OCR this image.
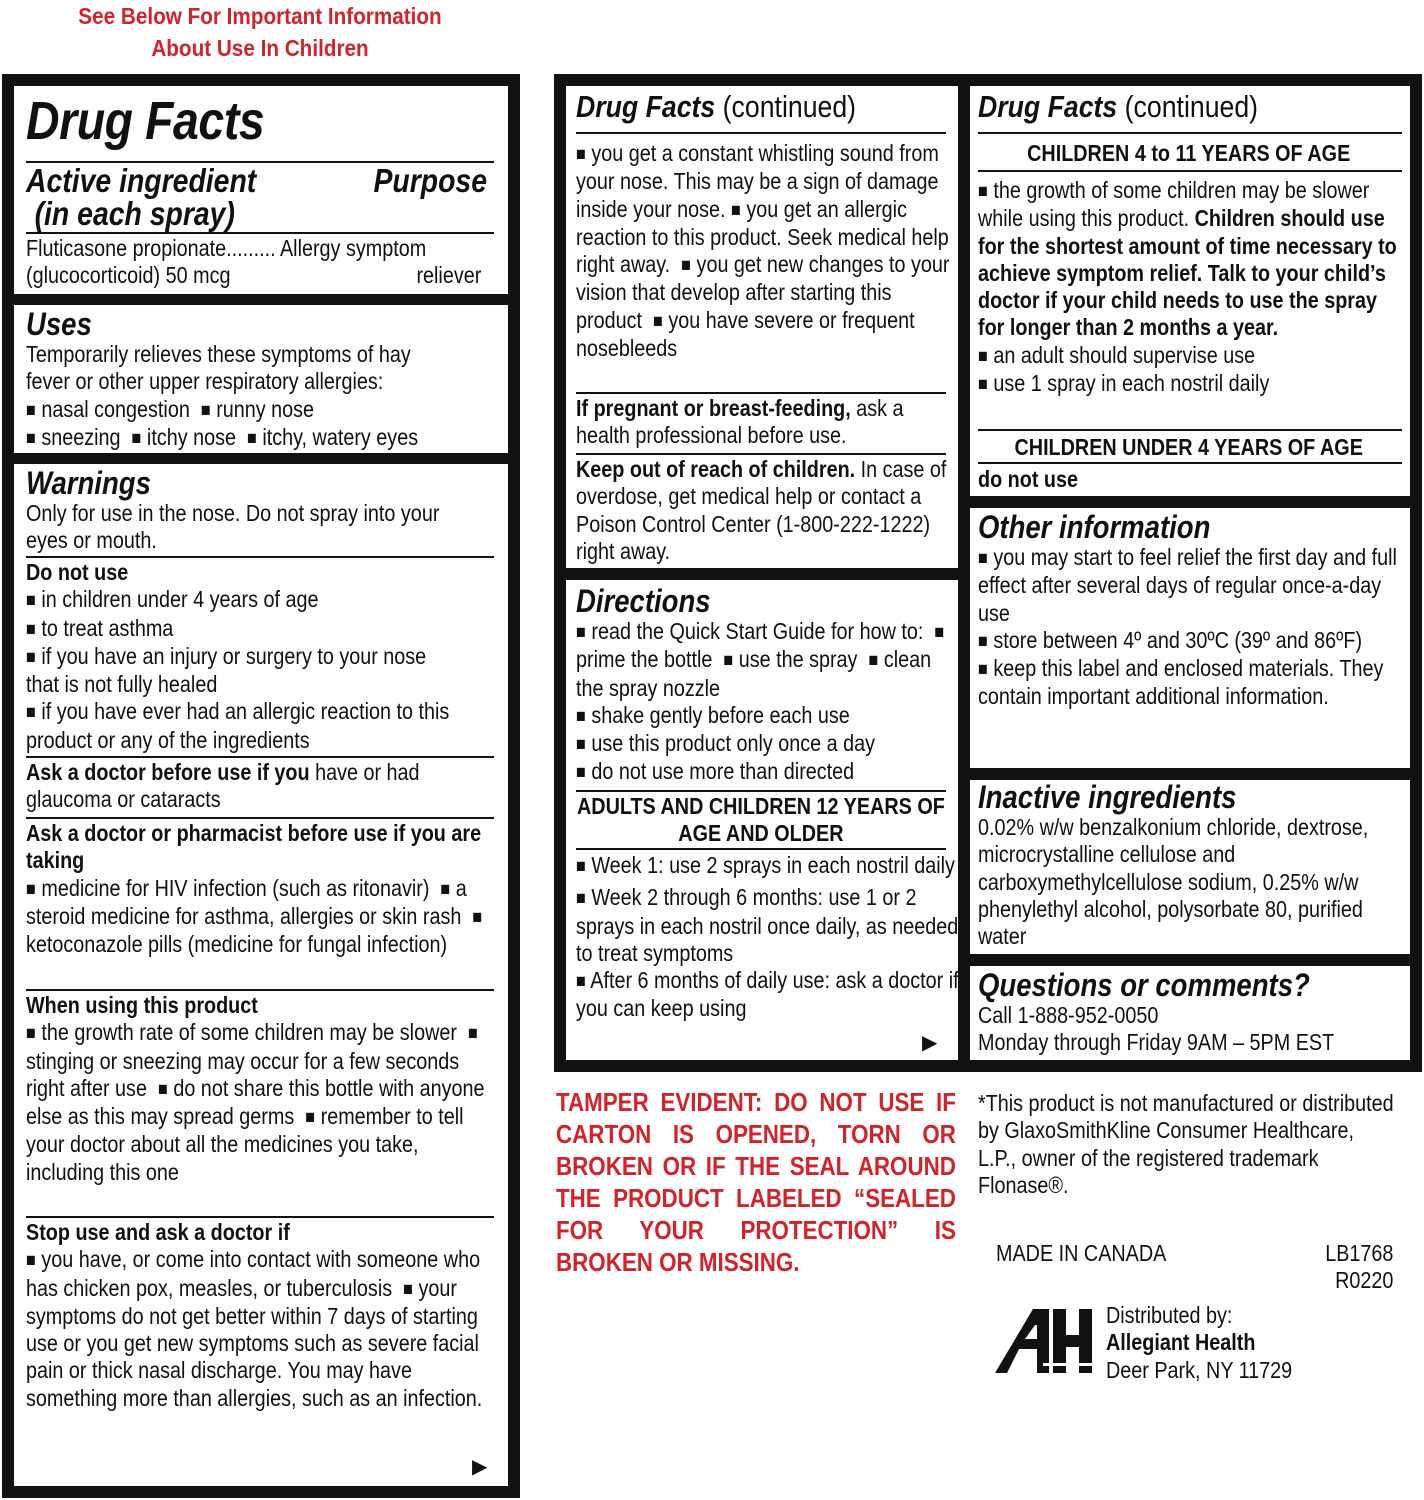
See Below For Important Information
About Use In Children
Drug Facts
Active ingredient	Purpose
(in each spray)
Fluticasone propionate......... Allergy symptom
(glucocorticoid) 50 mcg	reliever
Uses
Temporarily relieves these symptoms of hay fever or other upper respiratory allergies:
■ nasal congestion ■ runny nose
■ sneezing ■ itchy nose ■ itchy, watery eyes
Warnings
Only for use in the nose. Do not spray into your eyes or mouth.
Do not use
■ in children under 4 years of age
■ to treat asthma
■ if you have an injury or surgery to your nose that is not fully healed
■ if you have ever had an allergic reaction to this product or any of the ingredients
Ask a doctor before use if you have or had glaucoma or cataracts
Ask a doctor or pharmacist before use if you are taking
■ medicine for HIV infection (such as ritonavir) ■ a steroid medicine for asthma, allergies or skin rash ■ ketoconazole pills (medicine for fungal infection)
When using this product
■ the growth rate of some children may be slower ■ stinging or sneezing may occur for a few seconds right after use ■ do not share this bottle with anyone else as this may spread germs ■ remember to tell your doctor about all the medicines you take, including this one
Stop use and ask a doctor if
■ you have, or come into contact with someone who has chicken pox, measles, or tuberculosis ■ your symptoms do not get better within 7 days of starting use or you get new symptoms such as severe facial pain or thick nasal discharge. You may have something more than allergies, such as an infection.
▶
Drug Facts (continued)
■ you get a constant whistling sound from your nose. This may be a sign of damage inside your nose. ■ you get an allergic reaction to this product. Seek medical help right away. ■ you get new changes to your vision that develop after starting this product ■ you have severe or frequent nosebleeds
If pregnant or breast-feeding, ask a health professional before use.
Keep out of reach of children. In case of overdose, get medical help or contact a Poison Control Center (1-800-222-1222) right away.
Directions
■ read the Quick Start Guide for how to: ■ prime the bottle ■ use the spray ■ clean the spray nozzle
■ shake gently before each use
■ use this product only once a day
■ do not use more than directed
ADULTS AND CHILDREN 12 YEARS OF AGE AND OLDER
■ Week 1: use 2 sprays in each nostril daily
■ Week 2 through 6 months: use 1 or 2 sprays in each nostril once daily, as needed to treat symptoms
■ After 6 months of daily use: ask a doctor if you can keep using
▶
Drug Facts (continued)
CHILDREN 4 to 11 YEARS OF AGE
■ the growth of some children may be slower while using this product. Children should use for the shortest amount of time necessary to achieve symptom relief. Talk to your child’s doctor if your child needs to use the spray for longer than 2 months a year.
■ an adult should supervise use
■ use 1 spray in each nostril daily
CHILDREN UNDER 4 YEARS OF AGE
do not use
Other information
■ you may start to feel relief the first day and full effect after several days of regular once-a-day use
■ store between 4º and 30ºC (39º and 86ºF)
■ keep this label and enclosed materials. They contain important additional information.
Inactive ingredients
0.02% w/w benzalkonium chloride, dextrose, microcrystalline cellulose and carboxymethylcellulose sodium, 0.25% w/w phenylethyl alcohol, polysorbate 80, purified water
Questions or comments?
Call 1-888-952-0050
Monday through Friday 9AM – 5PM EST
TAMPER EVIDENT: DO NOT USE IF CARTON IS OPENED, TORN OR BROKEN OR IF THE SEAL AROUND THE PRODUCT LABELED “SEALED FOR YOUR PROTECTION” IS BROKEN OR MISSING.
*This product is not manufactured or distributed by GlaxoSmithKline Consumer Healthcare, L.P., owner of the registered trademark Flonase®.
MADE IN CANADA	LB1768
R0220
Distributed by:
Allegiant Health
Deer Park, NY 11729
